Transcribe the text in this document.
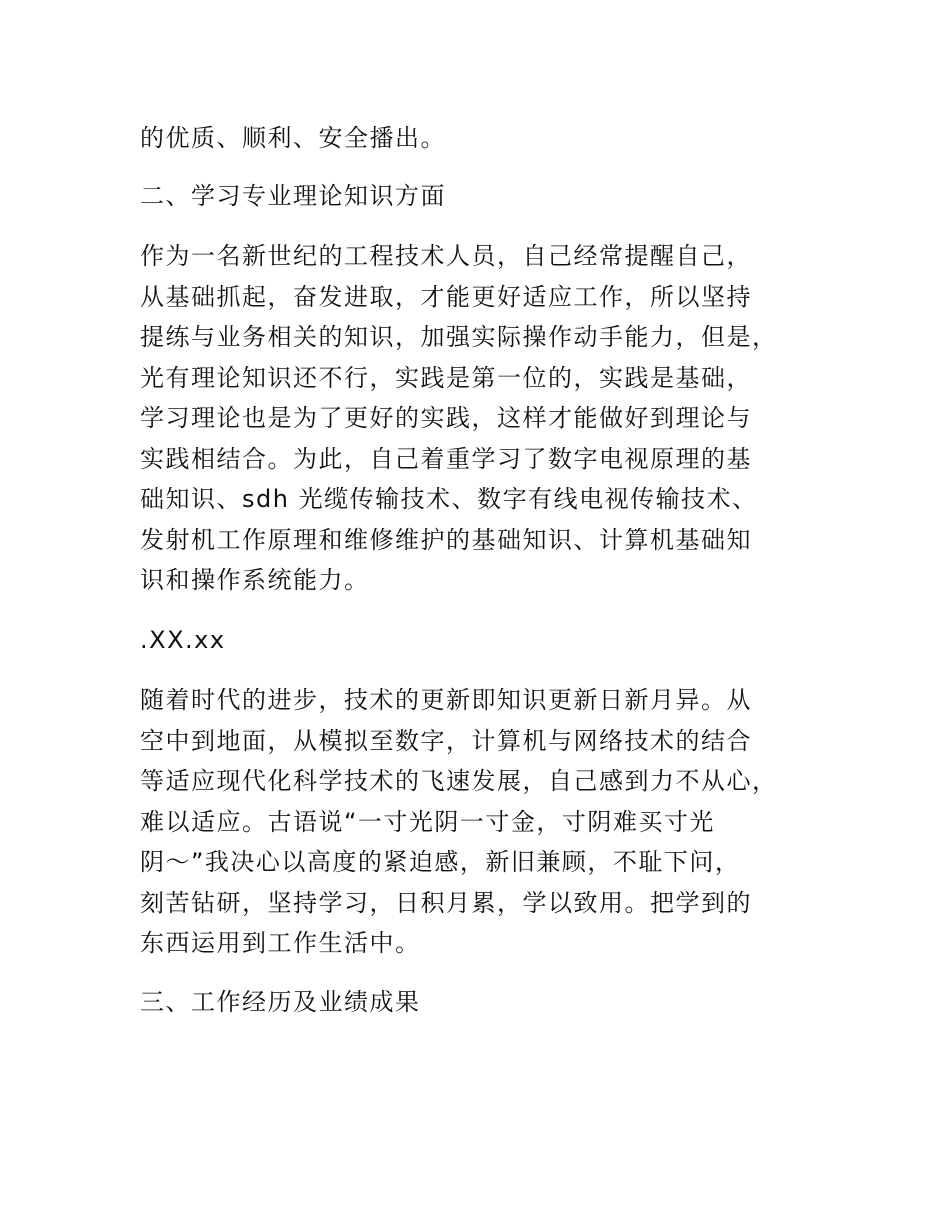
的优质、顺利、安全播出。
二、学习专业理论知识方面
作为一名新世纪的工程技术人员，自己经常提醒自己，
从基础抓起，奋发进取，才能更好适应工作，所以坚持
提练与业务相关的知识，加强实际操作动手能力，但是，
光有理论知识还不行，实践是第一位的，实践是基础，
学习理论也是为了更好的实践，这样才能做好到理论与
实践相结合。为此，自己着重学习了数字电视原理的基
础知识、sdh 光缆传输技术、数字有线电视传输技术、
发射机工作原理和维修维护的基础知识、计算机基础知
识和操作系统能力。
.XX.xx
随着时代的进步，技术的更新即知识更新日新月异。从
空中到地面，从模拟至数字，计算机与网络技术的结合
等适应现代化科学技术的飞速发展，自己感到力不从心，
难以适应。古语说“一寸光阴一寸金，寸阴难买寸光
阴～”我决心以高度的紧迫感，新旧兼顾，不耻下问，
刻苦钻研，坚持学习，日积月累，学以致用。把学到的
东西运用到工作生活中。
三、工作经历及业绩成果
